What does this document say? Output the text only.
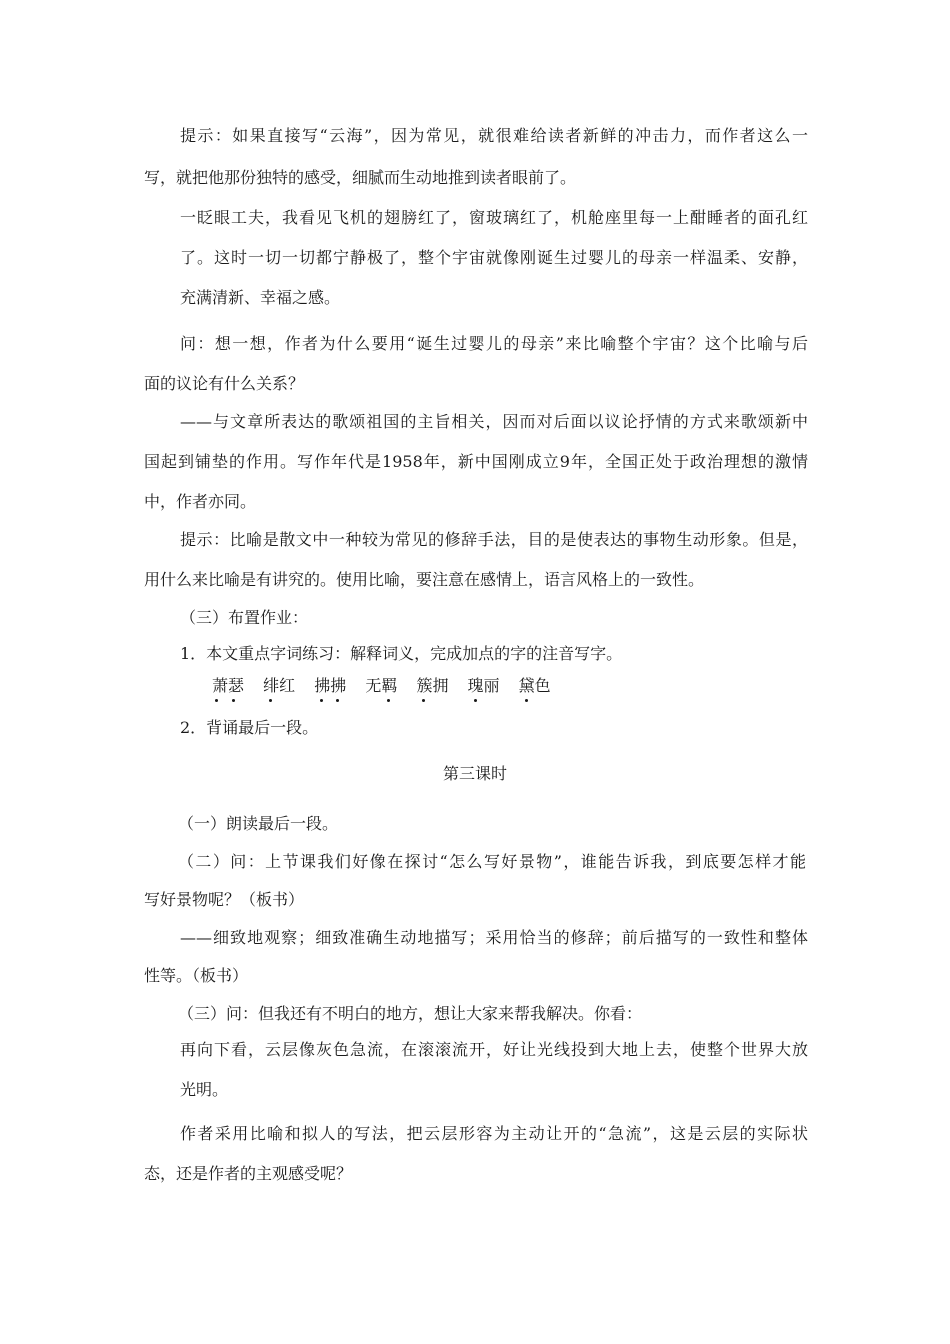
提示：如果直接写“云海”，因为常见，就很难给读者新鲜的冲击力，而作者这么一
写，就把他那份独特的感受，细腻而生动地推到读者眼前了。
一眨眼工夫，我看见飞机的翅膀红了，窗玻璃红了，机舱座里每一上酣睡者的面孔红
了。这时一切一切都宁静极了，整个宇宙就像刚诞生过婴儿的母亲一样温柔、安静，
充满清新、幸福之感。
问：想一想，作者为什么要用“诞生过婴儿的母亲”来比喻整个宇宙？这个比喻与后
面的议论有什么关系？
——与文章所表达的歌颂祖国的主旨相关，因而对后面以议论抒情的方式来歌颂新中
国起到铺垫的作用。写作年代是1958年，新中国刚成立9年，全国正处于政治理想的激情
中，作者亦同。
提示：比喻是散文中一种较为常见的修辞手法，目的是使表达的事物生动形象。但是，
用什么来比喻是有讲究的。使用比喻，要注意在感情上，语言风格上的一致性。
（三）布置作业：
1．本文重点字词练习：解释词义，完成加点的字的注音写字。
萧瑟 绯红 拂拂 无羁 簇拥 瑰丽 黛色
2．背诵最后一段。
第三课时
（一）朗读最后一段。
（二）问：上节课我们好像在探讨“怎么写好景物”，谁能告诉我，到底要怎样才能
写好景物呢？（板书）
——细致地观察；细致准确生动地描写；采用恰当的修辞；前后描写的一致性和整体
性等。（板书）
（三）问：但我还有不明白的地方，想让大家来帮我解决。你看：
再向下看，云层像灰色急流，在滚滚流开，好让光线投到大地上去，使整个世界大放
光明。
作者采用比喻和拟人的写法，把云层形容为主动让开的“急流”，这是云层的实际状
态，还是作者的主观感受呢？
